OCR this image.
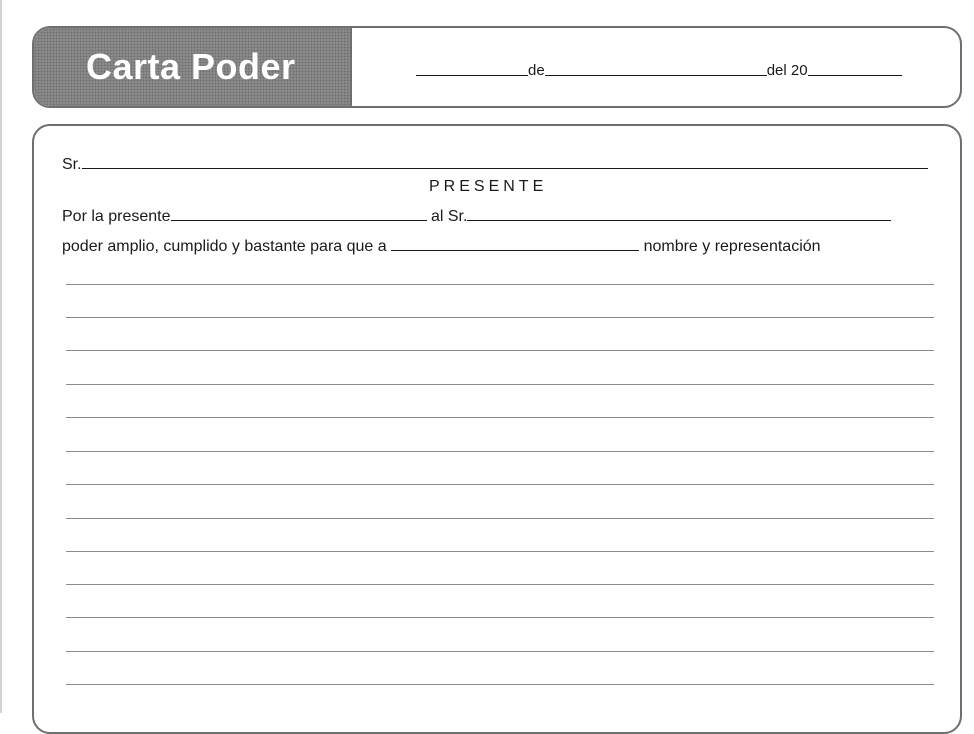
Carta Poder	de	del 20
Sr.
PRESENTE
Por la presente	al Sr.
poder amplio, cumplido y bastante para que a	nombre y representación
